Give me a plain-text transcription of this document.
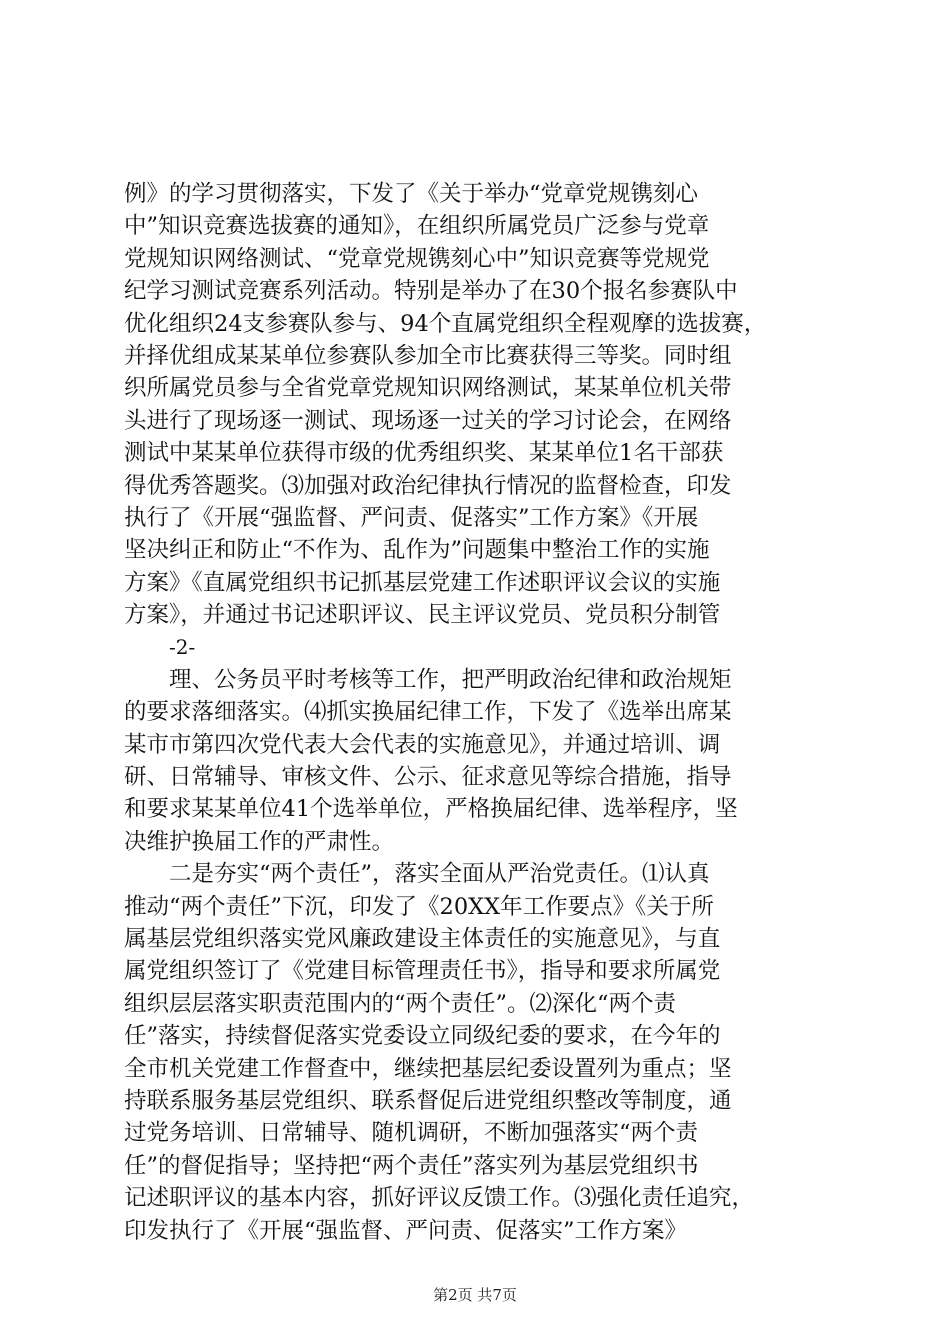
例》的学习贯彻落实，下发了《关于举办“党章党规镌刻心
中”知识竞赛选拔赛的通知》，在组织所属党员广泛参与党章
党规知识网络测试、“党章党规镌刻心中”知识竞赛等党规党
纪学习测试竞赛系列活动。特别是举办了在30个报名参赛队中
优化组织24支参赛队参与、94个直属党组织全程观摩的选拔赛，
并择优组成某某单位参赛队参加全市比赛获得三等奖。同时组
织所属党员参与全省党章党规知识网络测试，某某单位机关带
头进行了现场逐一测试、现场逐一过关的学习讨论会，在网络
测试中某某单位获得市级的优秀组织奖、某某单位1名干部获
得优秀答题奖。⑶加强对政治纪律执行情况的监督检查，印发
执行了《开展“强监督、严问责、促落实”工作方案》《开展
坚决纠正和防止“不作为、乱作为”问题集中整治工作的实施
方案》《直属党组织书记抓基层党建工作述职评议会议的实施
方案》，并通过书记述职评议、民主评议党员、党员积分制管
-2-
理、公务员平时考核等工作，把严明政治纪律和政治规矩
的要求落细落实。⑷抓实换届纪律工作，下发了《选举出席某
某市市第四次党代表大会代表的实施意见》，并通过培训、调
研、日常辅导、审核文件、公示、征求意见等综合措施，指导
和要求某某单位41个选举单位，严格换届纪律、选举程序，坚
决维护换届工作的严肃性。
二是夯实“两个责任”，落实全面从严治党责任。⑴认真
推动“两个责任”下沉，印发了《20XX年工作要点》《关于所
属基层党组织落实党风廉政建设主体责任的实施意见》，与直
属党组织签订了《党建目标管理责任书》，指导和要求所属党
组织层层落实职责范围内的“两个责任”。⑵深化“两个责
任”落实，持续督促落实党委设立同级纪委的要求，在今年的
全市机关党建工作督查中，继续把基层纪委设置列为重点；坚
持联系服务基层党组织、联系督促后进党组织整改等制度，通
过党务培训、日常辅导、随机调研，不断加强落实“两个责
任”的督促指导；坚持把“两个责任”落实列为基层党组织书
记述职评议的基本内容，抓好评议反馈工作。⑶强化责任追究，
印发执行了《开展“强监督、严问责、促落实”工作方案》
第2页 共7页
